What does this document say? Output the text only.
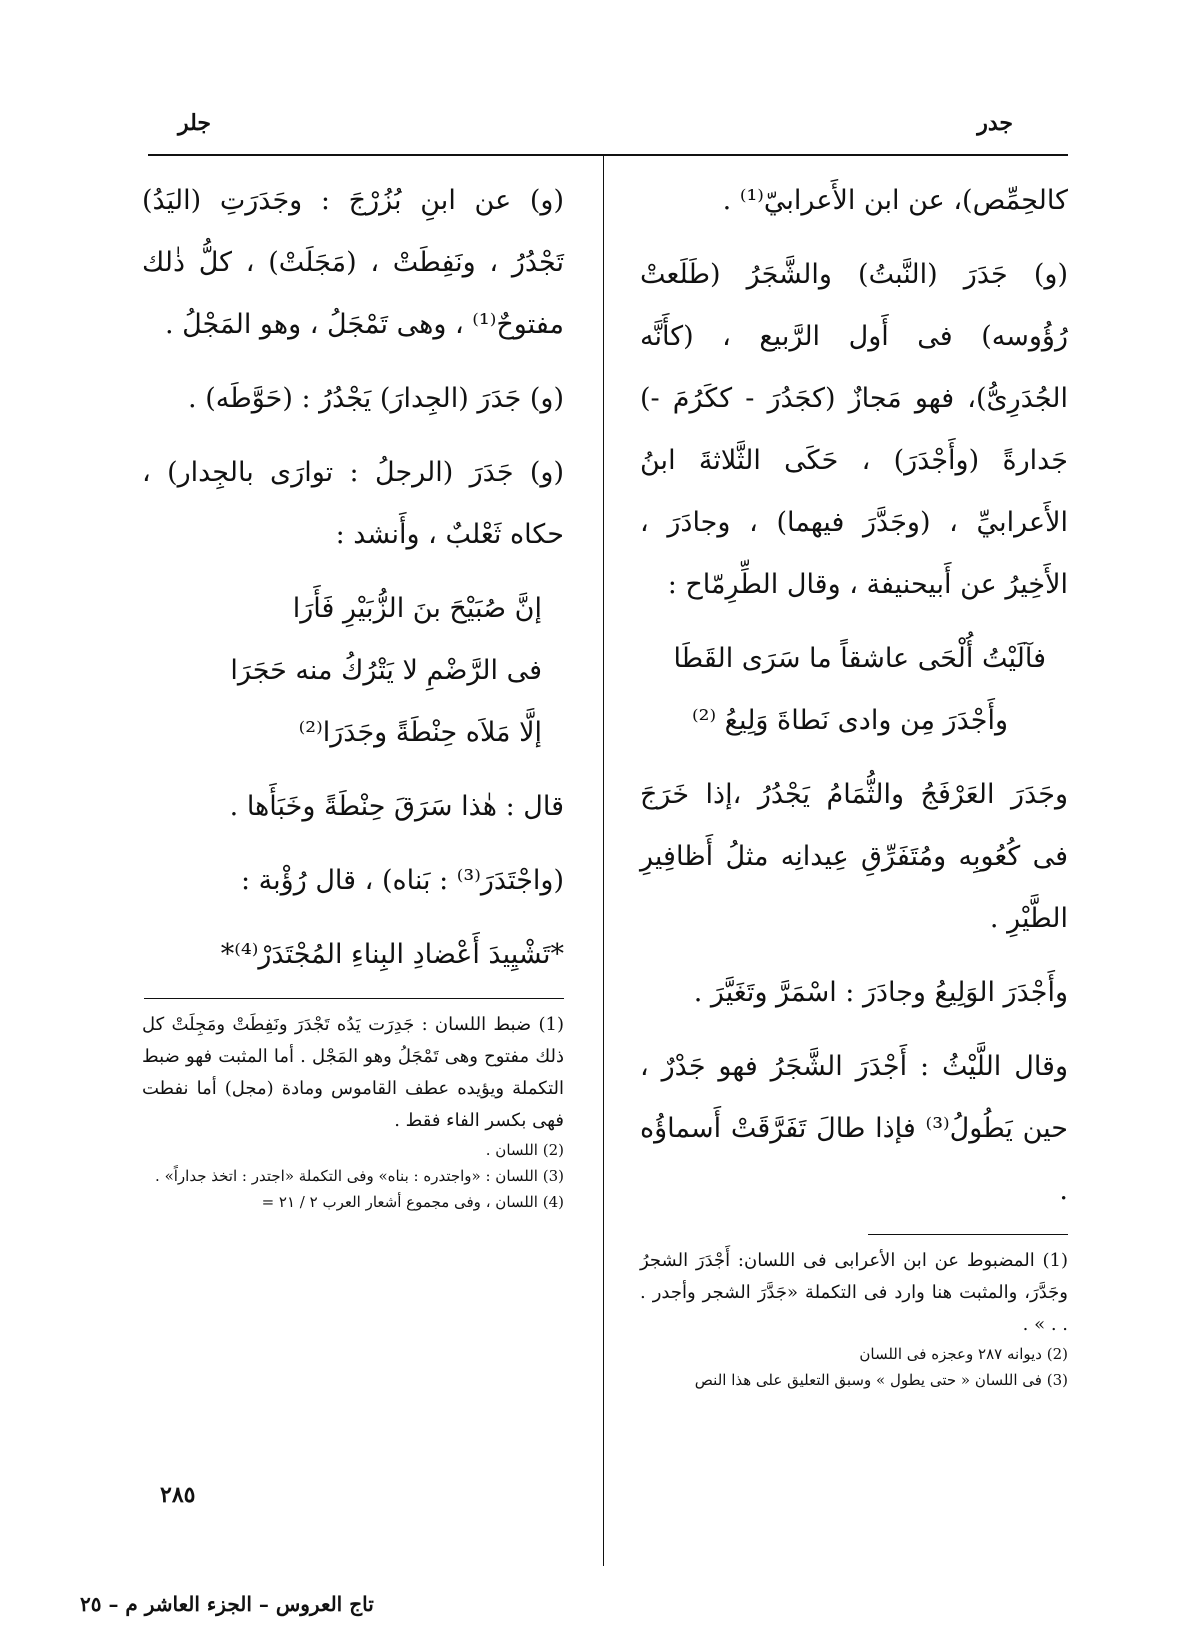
جدر
جلر

كالحِمِّص)، عن ابن الأَعرابيّ⁽¹⁾ .

(و) جَدَرَ (النَّبتُ) والشَّجَرُ (طَلَعتْ رُؤُوسه) فى أَول الرَّبيع ، (كأَنَّه الجُدَرِىُّ)، فهو مَجازٌ (كجَدُرَ - ككَرُمَ -) جَدارةً (وأَجْدَرَ) ، حَكَى الثَّلاثةَ ابنُ الأَعرابيِّ ، (وجَدَّرَ فيهما) ، وجادَرَ ، الأَخِيرُ عن أَبيحنيفة ، وقال الطِّرِمّاح :

فآلَيْتُ أُلْحَى عاشقاً ما سَرَى القَطَا
وأَجْدَرَ مِن وادى نَطاةَ وَلِيعُ ⁽²⁾

وجَدَرَ العَرْفَجُ والثُّمَامُ يَجْدُرُ ،إذا خَرَجَ فى كُعُوبِه ومُتَفَرِّقِ عِيدانِه مثلُ أَظافِيرِ الطَّيْرِ .

وأَجْدَرَ الوَلِيعُ وجادَرَ : اسْمَرَّ وتَغَيَّرَ .

وقال اللَّيْثُ : أَجْدَرَ الشَّجَرُ فهو جَدْرٌ ، حين يَطُولُ⁽³⁾ فإذا طالَ تَفَرَّقَتْ أَسماؤُه .

(1) المضبوط عن ابن الأعرابى فى اللسان: أَجْدَرَ الشجرُ وجَدَّرَ، والمثبت هنا وارد فى التكملة «جَدَّرَ الشجر وأجدر . . . » .
(2) ديوانه ٢٨٧ وعجزه فى اللسان
(3) فى اللسان « حتى يطول » وسبق التعليق على هذا النص

(و) عن ابنِ بُزُرْجَ : وجَدَرَتِ (اليَدُ) تَجْدُرُ ، ونَفِطَتْ ، (مَجَلَتْ) ، كلُّ ذٰلك مفتوحٌ⁽¹⁾ ، وهى تَمْجَلُ ، وهو المَجْلُ .

(و) جَدَرَ (الجِدارَ) يَجْدُرُ : (حَوَّطَه) .

(و) جَدَرَ (الرجلُ : توارَى بالجِدار) ، حكاه ثَعْلبٌ ، وأَنشد :

إنَّ صُبَيْحَ بنَ الزُّبَيْرِ فَأَرَا
فى الرَّضْمِ لا يَتْرُكُ منه حَجَرَا
إلَّا مَلاَه حِنْطَةً وجَدَرَا⁽²⁾

قال : هٰذا سَرَقَ حِنْطَةً وخَبَأَها .

(واجْتَدَرَ⁽³⁾ : بَناه) ، قال رُؤْبة :

*تَشْيِيدَ أَعْضادِ البِناءِ المُجْتَدَرْ⁽⁴⁾*

(1) ضبط اللسان : جَدِرَت يَدُه تَجْدَرَ ونَفِطَتْ ومَجِلَتْ كل ذلك مفتوح وهى تَمْجَلُ وهو المَجْل . أما المثبت فهو ضبط التكملة ويؤيده عطف القاموس ومادة (مجل) أما نفطت فهى بكسر الفاء فقط .
(2) اللسان .
(3) اللسان : «واجتدره : بناه» وفى التكملة «اجتدر : اتخذ جداراً» .
(4) اللسان ، وفى مجموع أشعار العرب ٢ / ٢١ =
٢٨٥
تاج العروس – الجزء العاشر م – ٢٥
